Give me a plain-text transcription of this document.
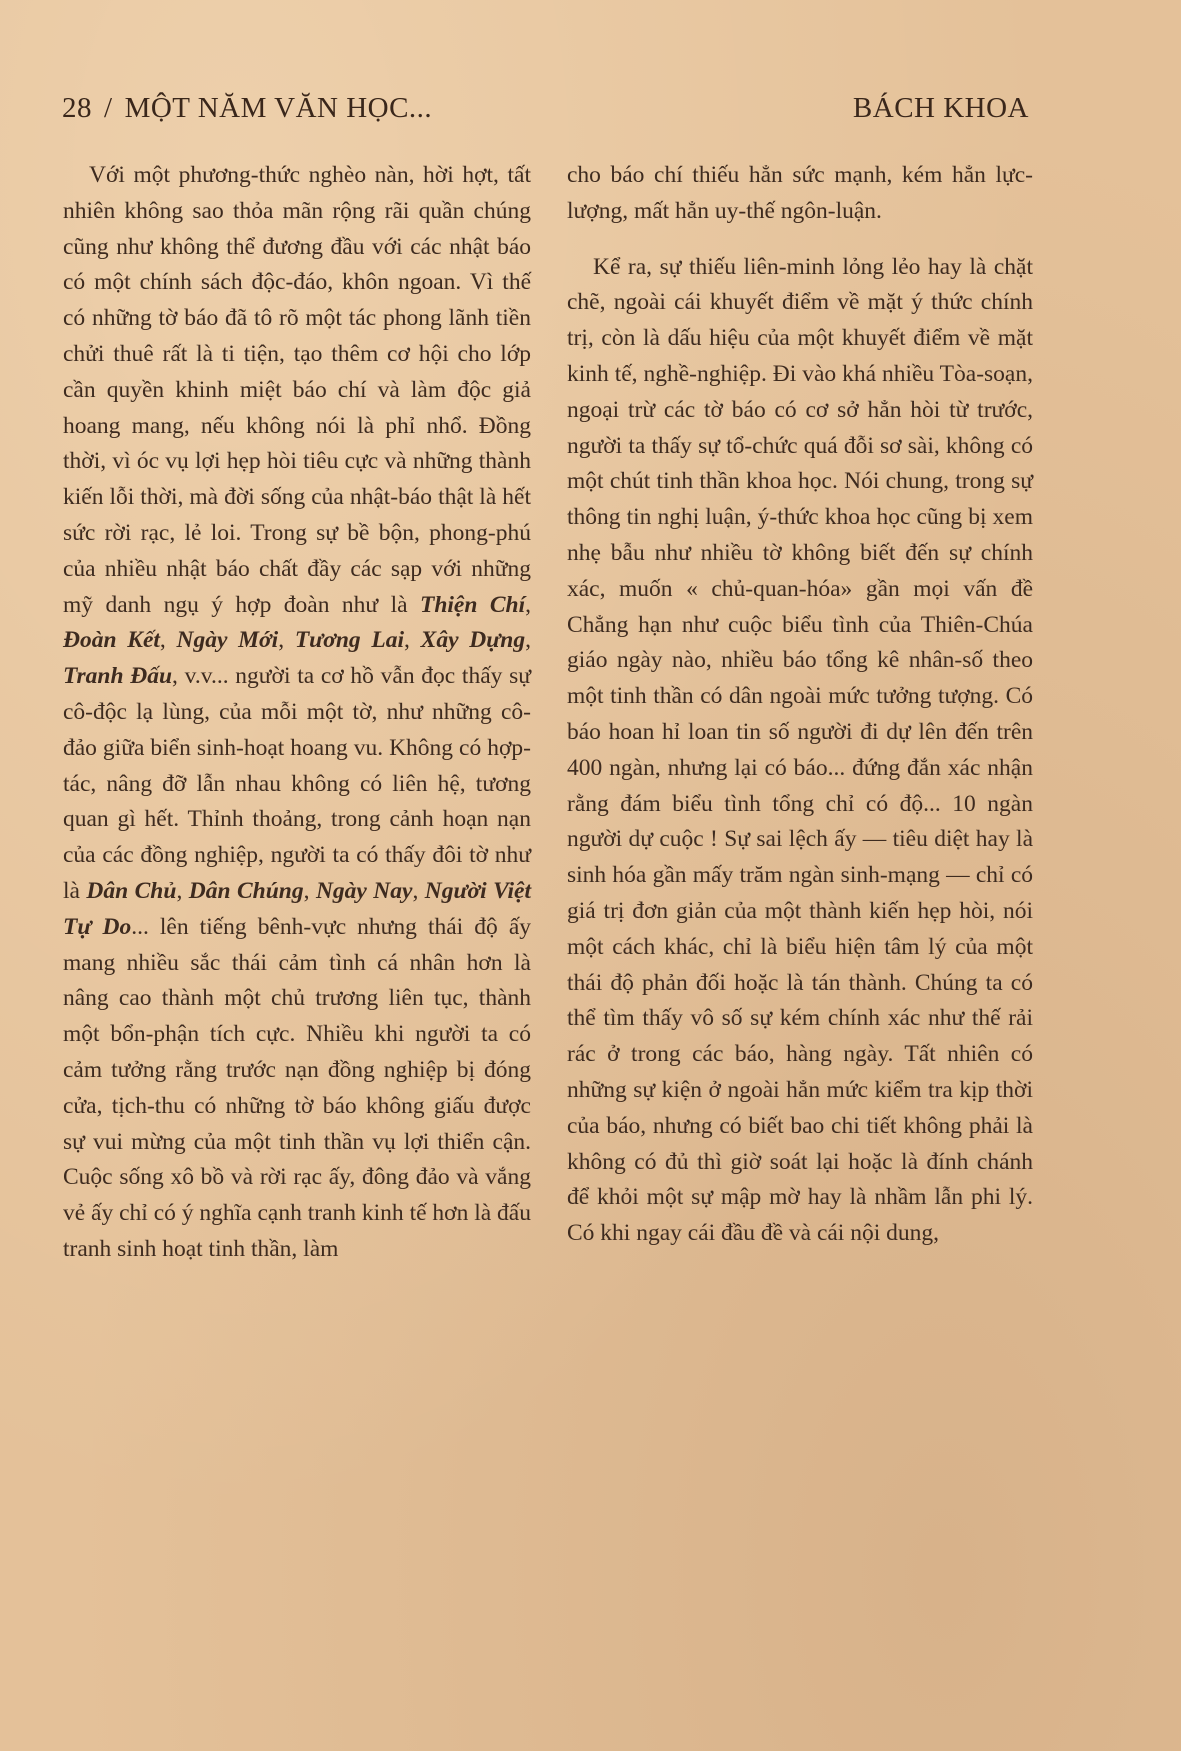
28 / MỘT NĂM VĂN HỌC...	BÁCH KHOA

Với một phương-thức nghèo nàn, hời hợt, tất nhiên không sao thỏa mãn rộng rãi quần chúng cũng như không thể đương đầu với các nhật báo có một chính sách độc-đáo, khôn ngoan. Vì thế có những tờ báo đã tô rõ một tác phong lãnh tiền chửi thuê rất là ti tiện, tạo thêm cơ hội cho lớp cần quyền khinh miệt báo chí và làm độc giả hoang mang, nếu không nói là phỉ nhổ. Đồng thời, vì óc vụ lợi hẹp hòi tiêu cực và những thành kiến lỗi thời, mà đời sống của nhật-báo thật là hết sức rời rạc, lẻ loi. Trong sự bề bộn, phong-phú của nhiều nhật báo chất đầy các sạp với những mỹ danh ngụ ý hợp đoàn như là Thiện Chí, Đoàn Kết, Ngày Mới, Tương Lai, Xây Dựng, Tranh Đấu, v.v... người ta cơ hồ vẫn đọc thấy sự cô-độc lạ lùng, của mỗi một tờ, như những cô-đảo giữa biển sinh-hoạt hoang vu. Không có hợp-tác, nâng đỡ lẫn nhau không có liên hệ, tương quan gì hết. Thỉnh thoảng, trong cảnh hoạn nạn của các đồng nghiệp, người ta có thấy đôi tờ như là Dân Chủ, Dân Chúng, Ngày Nay, Người Việt Tự Do... lên tiếng bênh-vực nhưng thái độ ấy mang nhiều sắc thái cảm tình cá nhân hơn là nâng cao thành một chủ trương liên tục, thành một bổn-phận tích cực. Nhiều khi người ta có cảm tưởng rằng trước nạn đồng nghiệp bị đóng cửa, tịch-thu có những tờ báo không giấu được sự vui mừng của một tinh thần vụ lợi thiển cận. Cuộc sống xô bồ và rời rạc ấy, đông đảo và vắng vẻ ấy chỉ có ý nghĩa cạnh tranh kinh tế hơn là đấu tranh sinh hoạt tinh thần, làm

cho báo chí thiếu hẳn sức mạnh, kém hẳn lực-lượng, mất hẳn uy-thế ngôn-luận.

Kể ra, sự thiếu liên-minh lỏng lẻo hay là chặt chẽ, ngoài cái khuyết điểm về mặt ý thức chính trị, còn là dấu hiệu của một khuyết điểm về mặt kinh tế, nghề-nghiệp. Đi vào khá nhiều Tòa-soạn, ngoại trừ các tờ báo có cơ sở hẳn hòi từ trước, người ta thấy sự tổ-chức quá đỗi sơ sài, không có một chút tinh thần khoa học. Nói chung, trong sự thông tin nghị luận, ý-thức khoa học cũng bị xem nhẹ bẫu như nhiều tờ không biết đến sự chính xác, muốn « chủ-quan-hóa» gần mọi vấn đề Chẳng hạn như cuộc biểu tình của Thiên-Chúa giáo ngày nào, nhiều báo tổng kê nhân-số theo một tinh thần có dân ngoài mức tưởng tượng. Có báo hoan hỉ loan tin số người đi dự lên đến trên 400 ngàn, nhưng lại có báo... đứng đắn xác nhận rằng đám biểu tình tổng chỉ có độ... 10 ngàn người dự cuộc ! Sự sai lệch ấy — tiêu diệt hay là sinh hóa gần mấy trăm ngàn sinh-mạng — chỉ có giá trị đơn giản của một thành kiến hẹp hòi, nói một cách khác, chỉ là biểu hiện tâm lý của một thái độ phản đối hoặc là tán thành. Chúng ta có thể tìm thấy vô số sự kém chính xác như thế rải rác ở trong các báo, hàng ngày. Tất nhiên có những sự kiện ở ngoài hẳn mức kiểm tra kịp thời của báo, nhưng có biết bao chi tiết không phải là không có đủ thì giờ soát lại hoặc là đính chánh để khỏi một sự mập mờ hay là nhầm lẫn phi lý. Có khi ngay cái đầu đề và cái nội dung,
